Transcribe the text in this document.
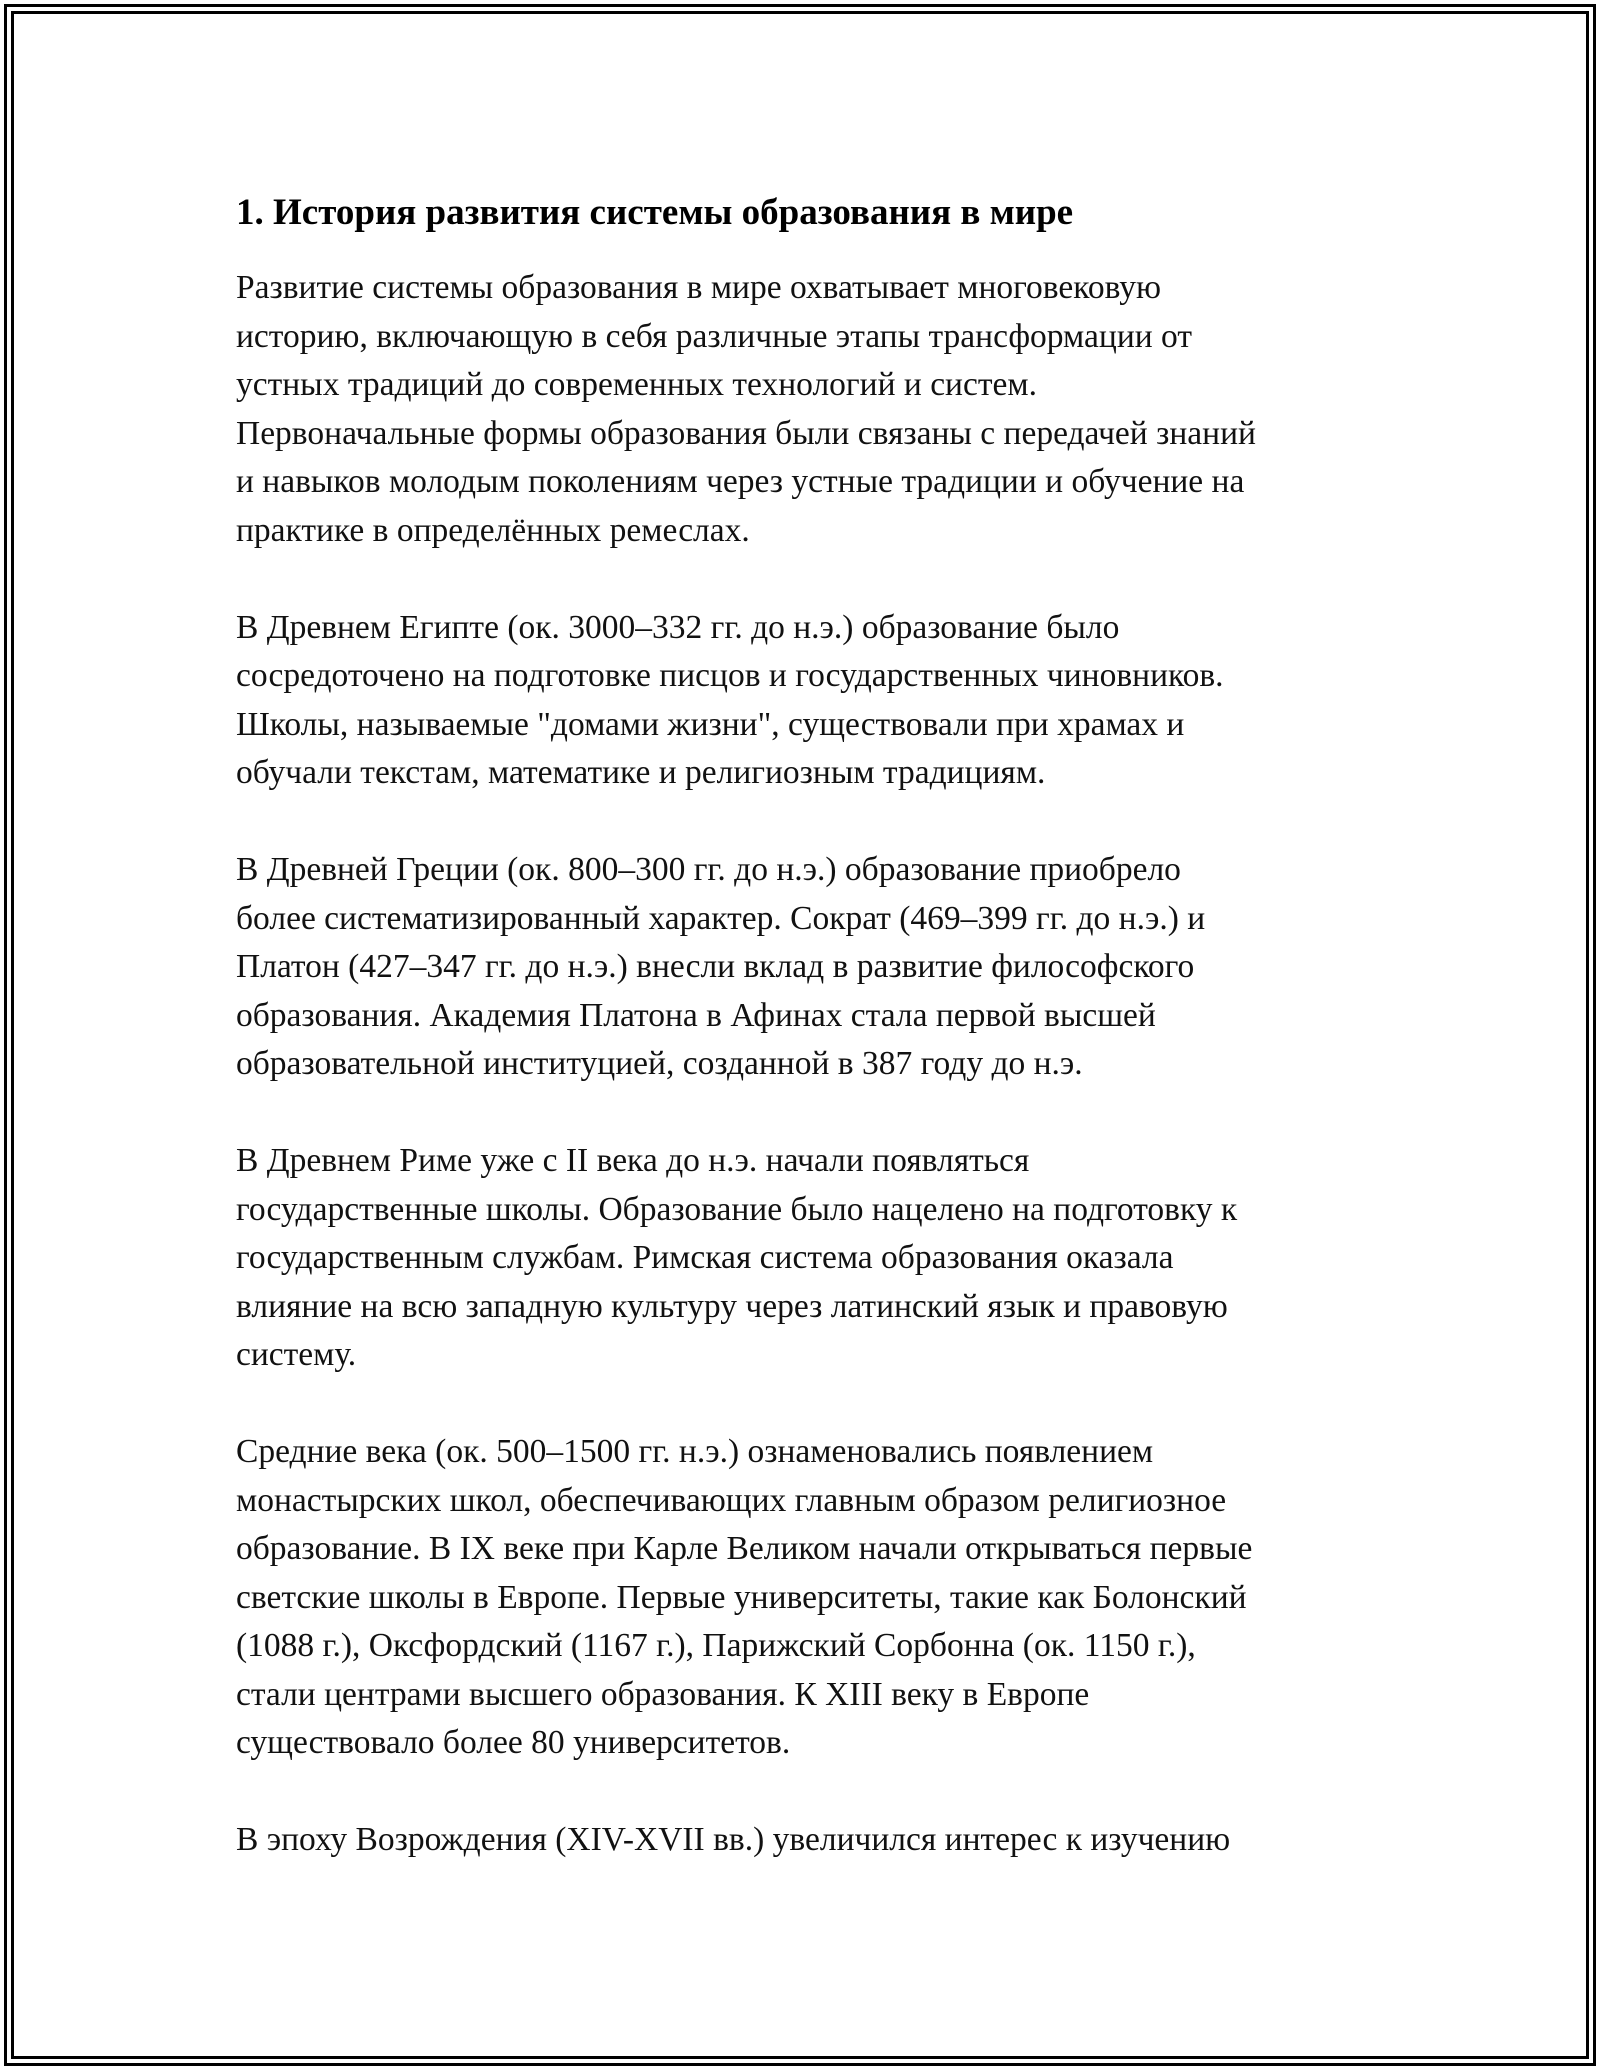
1. История развития системы образования в мире

Развитие системы образования в мире охватывает многовековую
историю, включающую в себя различные этапы трансформации от
устных традиций до современных технологий и систем.
Первоначальные формы образования были связаны с передачей знаний
и навыков молодым поколениям через устные традиции и обучение на
практике в определённых ремеслах.

В Древнем Египте (ок. 3000–332 гг. до н.э.) образование было
сосредоточено на подготовке писцов и государственных чиновников.
Школы, называемые "домами жизни", существовали при храмах и
обучали текстам, математике и религиозным традициям.

В Древней Греции (ок. 800–300 гг. до н.э.) образование приобрело
более систематизированный характер. Сократ (469–399 гг. до н.э.) и
Платон (427–347 гг. до н.э.) внесли вклад в развитие философского
образования. Академия Платона в Афинах стала первой высшей
образовательной институцией, созданной в 387 году до н.э.

В Древнем Риме уже с II века до н.э. начали появляться
государственные школы. Образование было нацелено на подготовку к
государственным службам. Римская система образования оказала
влияние на всю западную культуру через латинский язык и правовую
систему.

Средние века (ок. 500–1500 гг. н.э.) ознаменовались появлением
монастырских школ, обеспечивающих главным образом религиозное
образование. В IX веке при Карле Великом начали открываться первые
светские школы в Европе. Первые университеты, такие как Болонский
(1088 г.), Оксфордский (1167 г.), Парижский Сорбонна (ок. 1150 г.),
стали центрами высшего образования. К XIII веку в Европе
существовало более 80 университетов.

В эпоху Возрождения (XIV-XVII вв.) увеличился интерес к изучению
